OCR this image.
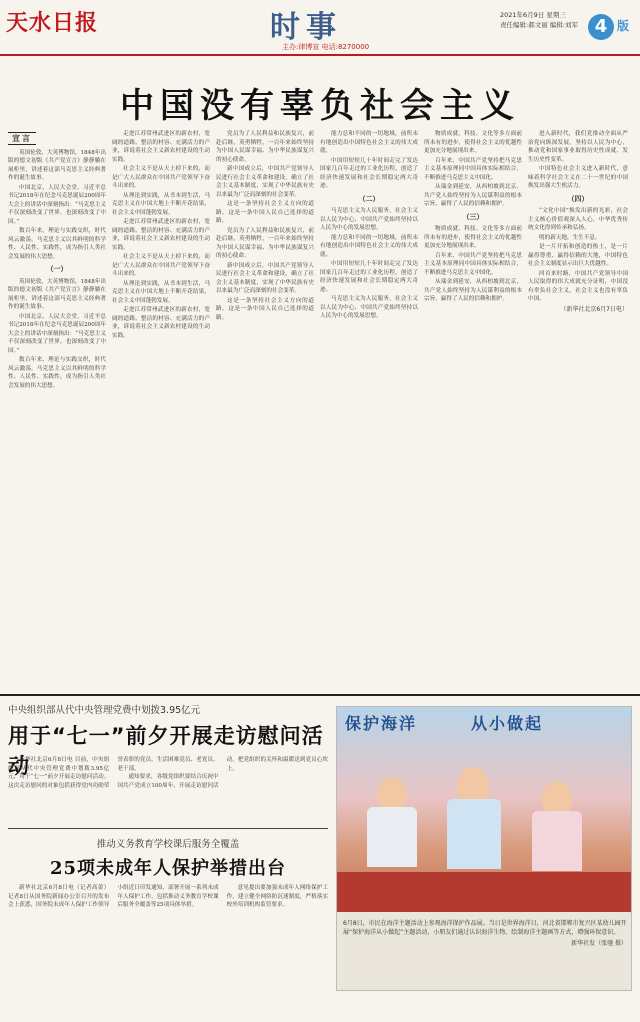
天水日报	时事
主办:律博宣 电话:8270000
2021年6月9日 星期三
责任编辑:郝文丽 编辑:刘军 4 版
中国没有辜负社会主义
宣言

英国伦敦，大英博物馆，1848年出版的德文初版《共产党宣言》静静躺在展柜里，讲述着这部马克思主义经典著作的诞生故事。

中国北京，人民大会堂，习近平总书记2018年在纪念马克思诞辰200周年大会上的讲话中深刻指出：“马克思主义不仅深刻改变了世界，也深刻改变了中国。”

数百年来，理论与实践交织，时代风云激荡，马克思主义以其鲜明的科学性、人民性、实践性，成为指引人类社会发展的伟大思想。

（一）

英国伦敦，大英博物馆，1848年出版的德文初版《共产党宣言》静静躺在展柜里，讲述着这部马克思主义经典著作的诞生故事。

中国北京，人民大会堂，习近平总书记2018年在纪念马克思诞辰200周年大会上的讲话中深刻指出：“马克思主义不仅深刻改变了世界，也深刻改变了中国。”

数百年来，理论与实践交织，时代风云激荡，马克思主义以其鲜明的科学性、人民性、实践性，成为指引人类社会发展的伟大思想。

走进江苏常州武进区的新农村，宽阔的道路、整洁的村容、充满活力的产业，诉说着社会主义新农村建设的生动实践。

社会主义不是从天上掉下来的，而是广大人民群众在中国共产党领导下奋斗出来的。

从理论到实践，从书本到生活，马克思主义在中国大地上不断开花结果，社会主义中国蓬勃发展。

走进江苏常州武进区的新农村，宽阔的道路、整洁的村容、充满活力的产业，诉说着社会主义新农村建设的生动实践。

社会主义不是从天上掉下来的，而是广大人民群众在中国共产党领导下奋斗出来的。

从理论到实践，从书本到生活，马克思主义在中国大地上不断开花结果，社会主义中国蓬勃发展。

走进江苏常州武进区的新农村，宽阔的道路、整洁的村容、充满活力的产业，诉说着社会主义新农村建设的生动实践。

党员为了人民利益和民族复兴，前赴后继，英勇牺牲，一百年来始终坚持为中国人民谋幸福、为中华民族谋复兴的初心使命。

新中国成立后，中国共产党领导人民进行社会主义革命和建设，确立了社会主义基本制度，实现了中华民族有史以来最为广泛而深刻的社会变革。

这是一条坚持社会主义方向的道路，这是一条中国人民自己选择的道路。

党员为了人民利益和民族复兴，前赴后继，英勇牺牲，一百年来始终坚持为中国人民谋幸福、为中华民族谋复兴的初心使命。

新中国成立后，中国共产党领导人民进行社会主义革命和建设，确立了社会主义基本制度，实现了中华民族有史以来最为广泛而深刻的社会变革。

这是一条坚持社会主义方向的道路，这是一条中国人民自己选择的道路。

能力总和不同的一切地域，前所未有地创造出中国特色社会主义的伟大成就。

中国用短短几十年时间走完了发达国家几百年走过的工业化历程，创造了经济快速发展和社会长期稳定两大奇迹。

（二）

马克思主义为人民服务，社会主义以人民为中心，中国共产党始终坚持以人民为中心的发展思想。

能力总和不同的一切地域，前所未有地创造出中国特色社会主义的伟大成就。

中国用短短几十年时间走完了发达国家几百年走过的工业化历程，创造了经济快速发展和社会长期稳定两大奇迹。

马克思主义为人民服务，社会主义以人民为中心，中国共产党始终坚持以人民为中心的发展思想。

物质成就、科技、文化等多方面前所未有的进步，使得社会主义的优越性更加充分地展现出来。

百年来，中国共产党坚持把马克思主义基本原理同中国具体实际相结合，不断推进马克思主义中国化。

从瑞金到延安，从西柏坡到北京，共产党人始终坚持为人民谋利益的根本宗旨，赢得了人民的信赖和拥护。

（三）

物质成就、科技、文化等多方面前所未有的进步，使得社会主义的优越性更加充分地展现出来。

百年来，中国共产党坚持把马克思主义基本原理同中国具体实际相结合，不断推进马克思主义中国化。

从瑞金到延安，从西柏坡到北京，共产党人始终坚持为人民谋利益的根本宗旨，赢得了人民的信赖和拥护。

进入新时代，我们党推动全面从严治党向纵深发展，坚持以人民为中心，推动党和国家事业取得历史性成就、发生历史性变革。

中国特色社会主义进入新时代，意味着科学社会主义在二十一世纪的中国焕发出强大生机活力。

（四）

“文化中国”焕发出新的光彩，社会主义核心价值观深入人心，中华优秀传统文化得到传承和弘扬。

明的新天地，生生不息。

是一片开拓和创造的热土，是一片赢得尊重、赢得信赖的大地，中国特色社会主义制度显示出巨大优越性。

回首来时路，中国共产党领导中国人民取得的伟大成就充分证明，中国没有辜负社会主义，社会主义也没有辜负中国。

（新华社北京6月7日电）
中央组织部从代中央管理党费中划拨3.95亿元
用于“七一”前夕开展走访慰问活动

新华社北京6月8日电 目前，中央组织部从代中央管理党费中划拨3.95亿元，用于“七一”前夕开展走访慰问活动。这次走访慰问的对象包括获得党内功勋荣誉表彰的党员、生活困难党员、老党员、老干部。

通知要求，各级党组织要结合庆祝中国共产党成立100周年，开展走访慰问活动，把党组织的关怀和温暖送到党员心坎上。

推动义务教育学校课后服务全覆盖
25项未成年人保护举措出台

新华社北京6月8日电（记者高蕾）记者8日从国务院新闻办公室召开的发布会上获悉，国务院未成年人保护工作领导小组近日印发通知，部署开展一系列未成年人保护工作，包括推动义务教育学校课后服务全覆盖等25项具体举措。

意见提出要加强未成年人网络保护工作，建立健全网络防沉迷制度，严格落实校外培训机构监管要求。

保护海洋	从小做起
6月8日，市民在海洋主题活动上参观海洋保护作品展。当日是世界海洋日，河北省邯郸市复兴区某幼儿园开展“保护海洋从小做起”主题活动，小朋友们通过认识海洋生物、绘制海洋主题画等方式，增强环保意识。
新华社发（张驰 摄）
